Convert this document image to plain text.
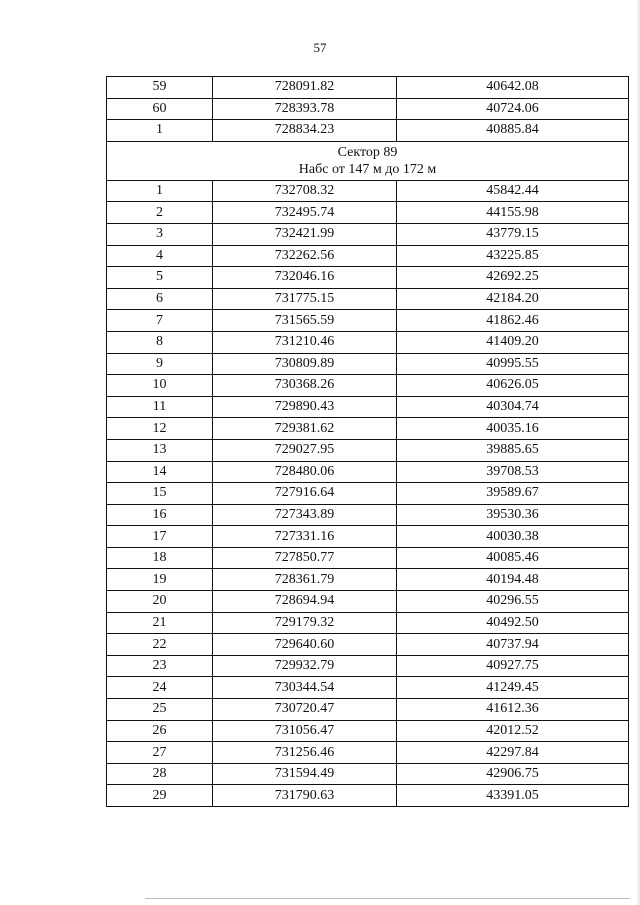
57
59	728091.82	40642.08
60	728393.78	40724.06
1	728834.23	40885.84

Сектор 89
Набс от 147 м до 172 м		

1	732708.32	45842.44
2	732495.74	44155.98
3	732421.99	43779.15
4	732262.56	43225.85
5	732046.16	42692.25
6	731775.15	42184.20
7	731565.59	41862.46
8	731210.46	41409.20
9	730809.89	40995.55
10	730368.26	40626.05
11	729890.43	40304.74
12	729381.62	40035.16
13	729027.95	39885.65
14	728480.06	39708.53
15	727916.64	39589.67
16	727343.89	39530.36
17	727331.16	40030.38
18	727850.77	40085.46
19	728361.79	40194.48
20	728694.94	40296.55
21	729179.32	40492.50
22	729640.60	40737.94
23	729932.79	40927.75
24	730344.54	41249.45
25	730720.47	41612.36
26	731056.47	42012.52
27	731256.46	42297.84
28	731594.49	42906.75
29	731790.63	43391.05
